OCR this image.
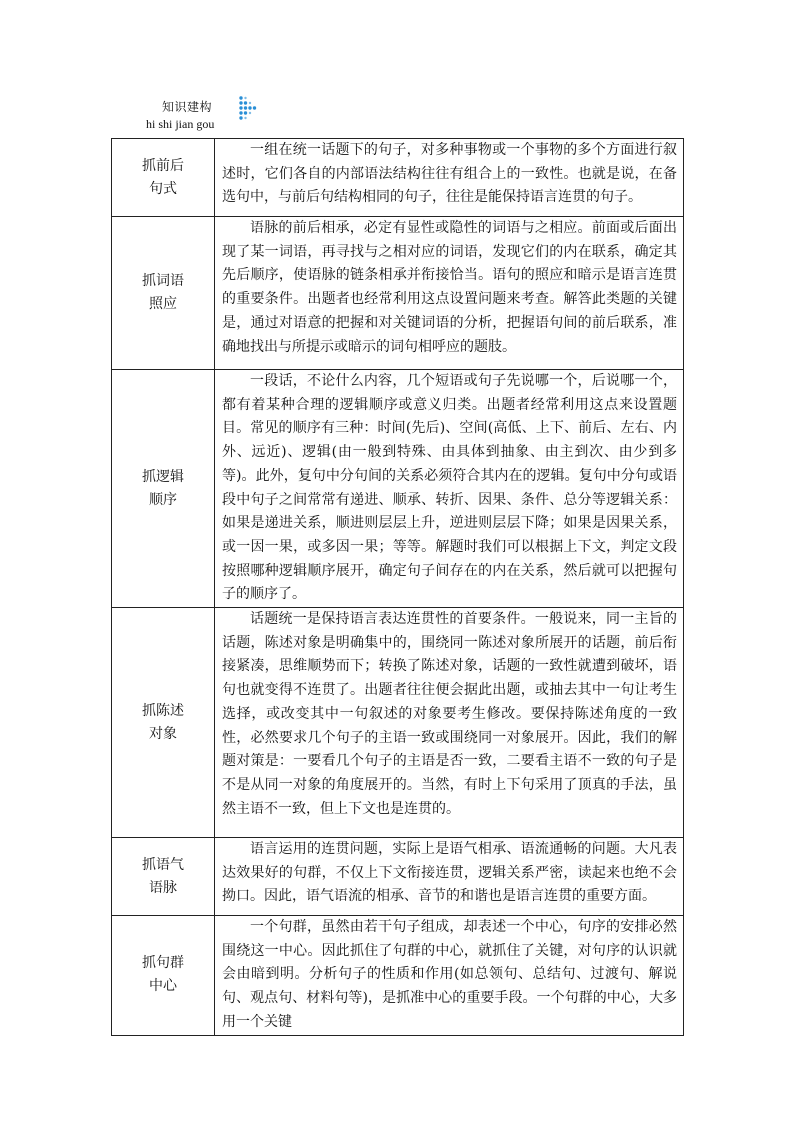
知识建构
hi shi jian gou
抓前后句式	一组在统一话题下的句子，对多种事物或一个事物的多个方面进行叙述时，它们各自的内部语法结构往往有组合上的一致性。也就是说，在备选句中，与前后句结构相同的句子，往往是能保持语言连贯的句子。
抓词语照应	语脉的前后相承，必定有显性或隐性的词语与之相应。前面或后面出现了某一词语，再寻找与之相对应的词语，发现它们的内在联系，确定其先后顺序，使语脉的链条相承并衔接恰当。语句的照应和暗示是语言连贯的重要条件。出题者也经常利用这点设置问题来考查。解答此类题的关键是，通过对语意的把握和对关键词语的分析，把握语句间的前后联系，准确地找出与所提示或暗示的词句相呼应的题肢。
抓逻辑顺序	一段话，不论什么内容，几个短语或句子先说哪一个，后说哪一个，都有着某种合理的逻辑顺序或意义归类。出题者经常利用这点来设置题目。常见的顺序有三种：时间(先后)、空间(高低、上下、前后、左右、内外、远近)、逻辑(由一般到特殊、由具体到抽象、由主到次、由少到多等)。此外，复句中分句间的关系必须符合其内在的逻辑。复句中分句或语段中句子之间常常有递进、顺承、转折、因果、条件、总分等逻辑关系：如果是递进关系，顺进则层层上升，逆进则层层下降；如果是因果关系，或一因一果，或多因一果；等等。解题时我们可以根据上下文，判定文段按照哪种逻辑顺序展开，确定句子间存在的内在关系，然后就可以把握句子的顺序了。
抓陈述对象	话题统一是保持语言表达连贯性的首要条件。一般说来，同一主旨的话题，陈述对象是明确集中的，围绕同一陈述对象所展开的话题，前后衔接紧凑，思维顺势而下；转换了陈述对象，话题的一致性就遭到破坏，语句也就变得不连贯了。出题者往往便会据此出题，或抽去其中一句让考生选择，或改变其中一句叙述的对象要考生修改。要保持陈述角度的一致性，必然要求几个句子的主语一致或围绕同一对象展开。因此，我们的解题对策是：一要看几个句子的主语是否一致，二要看主语不一致的句子是不是从同一对象的角度展开的。当然，有时上下句采用了顶真的手法，虽然主语不一致，但上下文也是连贯的。
抓语气语脉	语言运用的连贯问题，实际上是语气相承、语流通畅的问题。大凡表达效果好的句群，不仅上下文衔接连贯，逻辑关系严密，读起来也绝不会拗口。因此，语气语流的相承、音节的和谐也是语言连贯的重要方面。
抓句群中心	一个句群，虽然由若干句子组成，却表述一个中心，句序的安排必然围绕这一中心。因此抓住了句群的中心，就抓住了关键，对句序的认识就会由暗到明。分析句子的性质和作用(如总领句、总结句、过渡句、解说句、观点句、材料句等)，是抓准中心的重要手段。一个句群的中心，大多用一个关键
